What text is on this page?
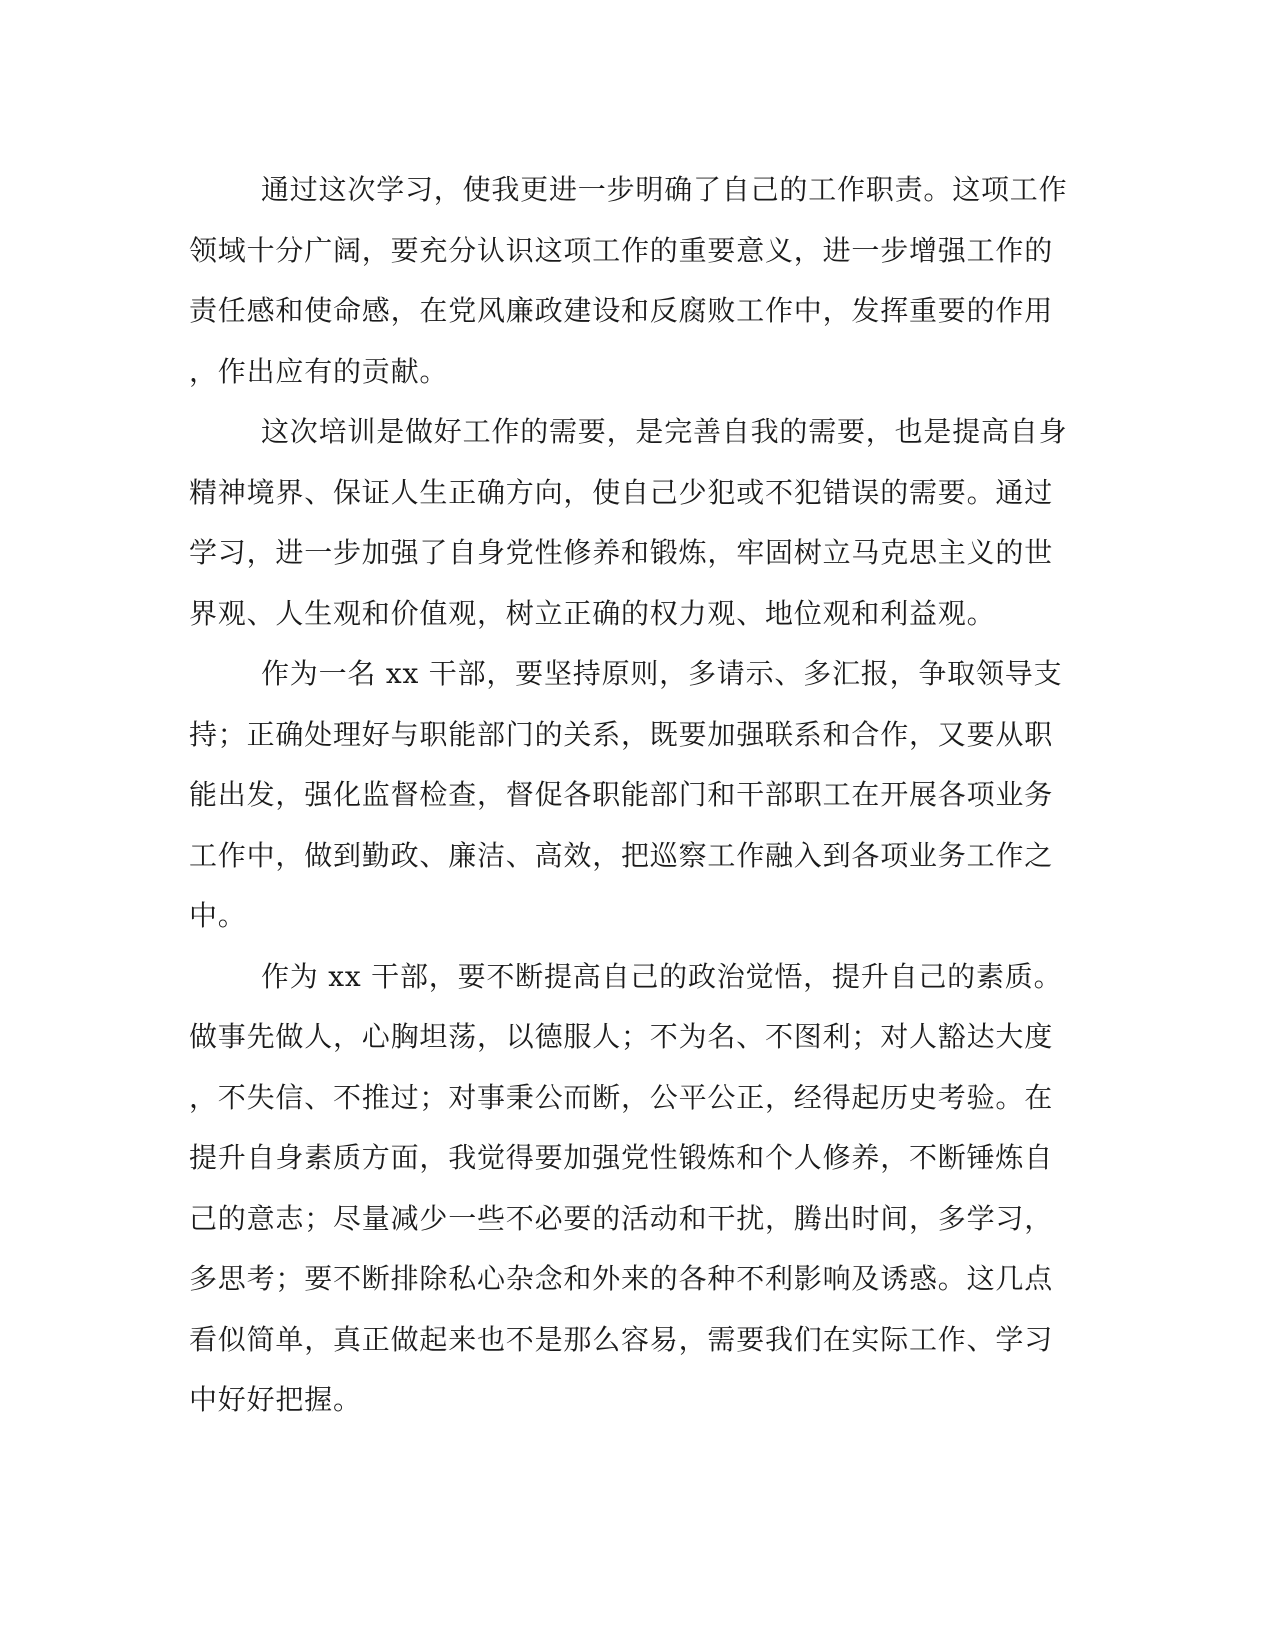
通过这次学习，使我更进一步明确了自己的工作职责。这项工作
领域十分广阔，要充分认识这项工作的重要意义，进一步增强工作的
责任感和使命感，在党风廉政建设和反腐败工作中，发挥重要的作用
，作出应有的贡献。
这次培训是做好工作的需要，是完善自我的需要，也是提高自身
精神境界、保证人生正确方向，使自己少犯或不犯错误的需要。通过
学习，进一步加强了自身党性修养和锻炼，牢固树立马克思主义的世
界观、人生观和价值观，树立正确的权力观、地位观和利益观。
作为一名 xx 干部，要坚持原则，多请示、多汇报，争取领导支
持；正确处理好与职能部门的关系，既要加强联系和合作，又要从职
能出发，强化监督检查，督促各职能部门和干部职工在开展各项业务
工作中，做到勤政、廉洁、高效，把巡察工作融入到各项业务工作之
中。
作为 xx 干部，要不断提高自己的政治觉悟，提升自己的素质。
做事先做人，心胸坦荡，以德服人；不为名、不图利；对人豁达大度
，不失信、不推过；对事秉公而断，公平公正，经得起历史考验。在
提升自身素质方面，我觉得要加强党性锻炼和个人修养，不断锤炼自
己的意志；尽量减少一些不必要的活动和干扰，腾出时间，多学习，
多思考；要不断排除私心杂念和外来的各种不利影响及诱惑。这几点
看似简单，真正做起来也不是那么容易，需要我们在实际工作、学习
中好好把握。
